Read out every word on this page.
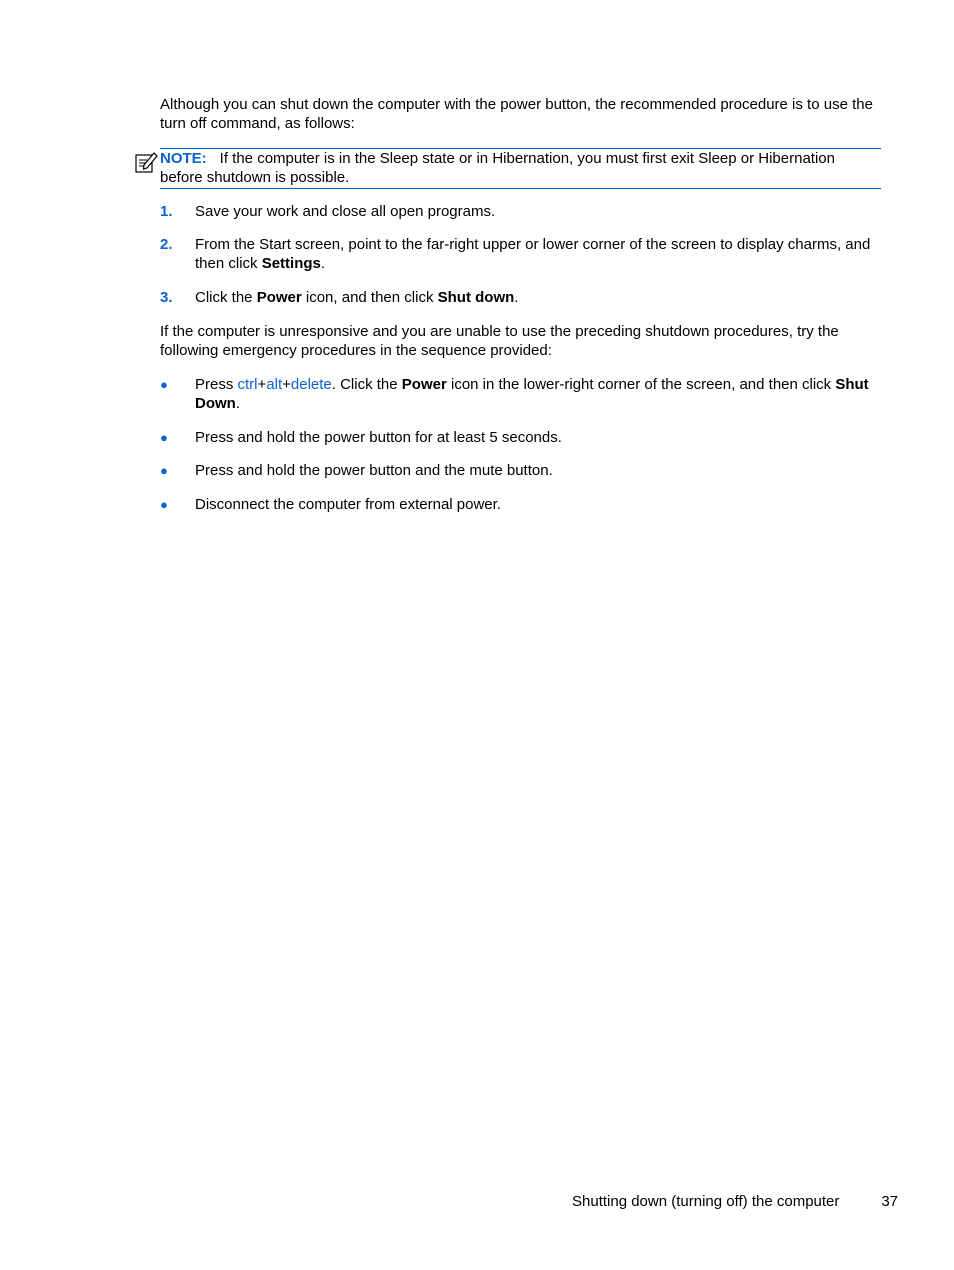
Although you can shut down the computer with the power button, the recommended procedure is to use the turn off command, as follows:

NOTE: If the computer is in the Sleep state or in Hibernation, you must first exit Sleep or Hibernation before shutdown is possible.
1. Save your work and close all open programs.
2. From the Start screen, point to the far-right upper or lower corner of the screen to display charms, and then click Settings.
3. Click the Power icon, and then click Shut down.

If the computer is unresponsive and you are unable to use the preceding shutdown procedures, try the following emergency procedures in the sequence provided:

● Press ctrl+alt+delete. Click the Power icon in the lower-right corner of the screen, and then click Shut Down.
● Press and hold the power button for at least 5 seconds.
● Press and hold the power button and the mute button.
● Disconnect the computer from external power.
Shutting down (turning off) the computer	37
